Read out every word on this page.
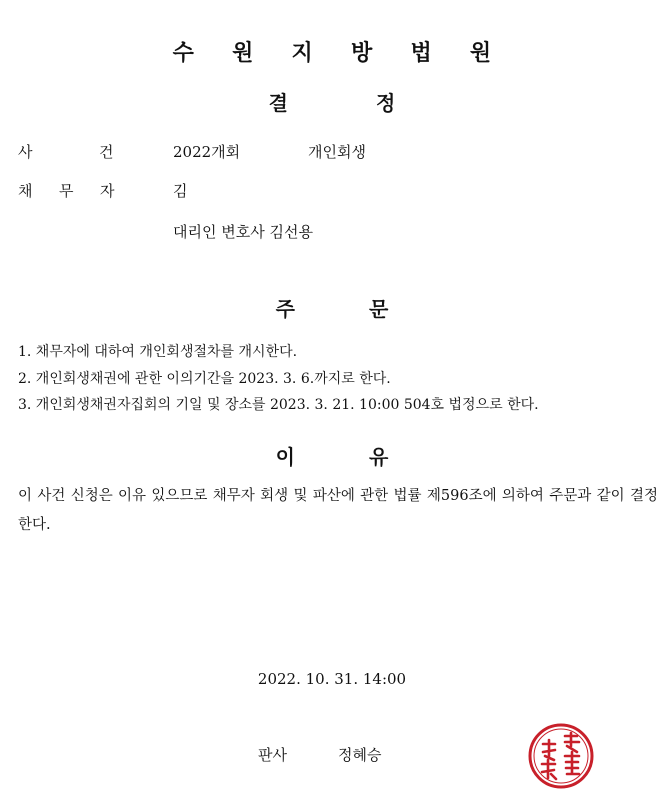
수 원 지 방 법 원
결	정
사	건	2022개회	개인회생
채 무 자	김
대리인 변호사 김선용
주	문
1. 채무자에 대하여 개인회생절차를 개시한다.
2. 개인회생채권에 관한 이의기간을 2023. 3. 6.까지로 한다.
3. 개인회생채권자집회의 기일 및 장소를 2023. 3. 21. 10:00 504호 법정으로 한다.
이	유
이 사건 신청은 이유 있으므로 채무자 회생 및 파산에 관한 법률 제596조에 의하여 주문과 같이 결정한다.
2022. 10. 31. 14:00
판사	정혜승
